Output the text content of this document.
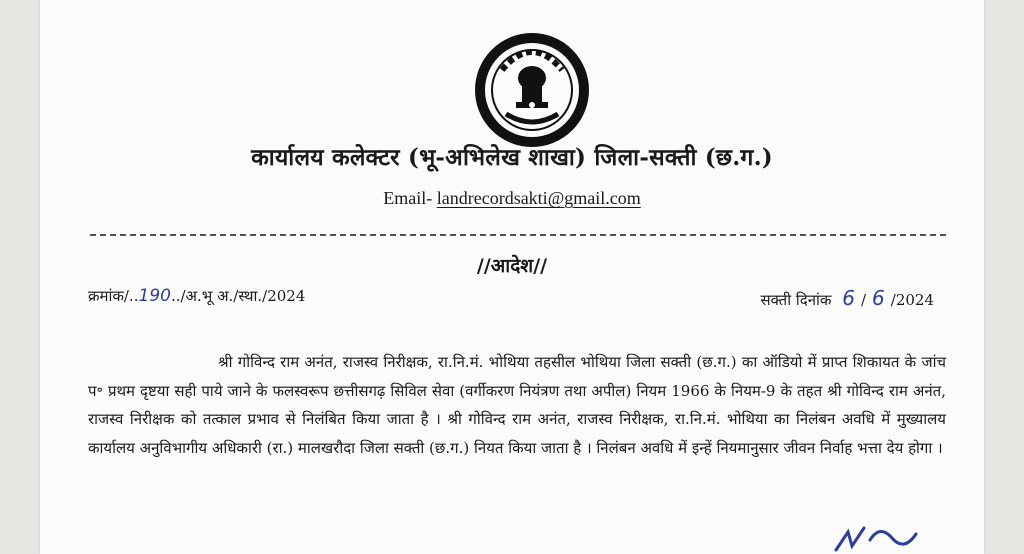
कार्यालय कलेक्टर (भू-अभिलेख शाखा) जिला-सक्ती (छ.ग.)
Email- landrecordsakti@gmail.com
//आदेश//
क्रमांक/..190../अ.भू अ./स्था./2024	सक्ती दिनांक 6 / 6 /2024
श्री गोविन्द राम अनंत, राजस्व निरीक्षक, रा.नि.मं. भोथिया तहसील भोथिया जिला सक्ती (छ.ग.) का ऑडियो में प्राप्त शिकायत के जांच प॰ प्रथम दृष्टया सही पाये जाने के फलस्वरूप छत्तीसगढ़ सिविल सेवा (वर्गीकरण नियंत्रण तथा अपील) नियम 1966 के नियम-9 के तहत श्री गोविन्द राम अनंत, राजस्व निरीक्षक को तत्काल प्रभाव से निलंबित किया जाता है । श्री गोविन्द राम अनंत, राजस्व निरीक्षक, रा.नि.मं. भोथिया का निलंबन अवधि में मुख्यालय कार्यालय अनुविभागीय अधिकारी (रा.) मालखरौदा जिला सक्ती (छ.ग.) नियत किया जाता है । निलंबन अवधि में इन्हें नियमानुसार जीवन निर्वाह भत्ता देय होगा ।
